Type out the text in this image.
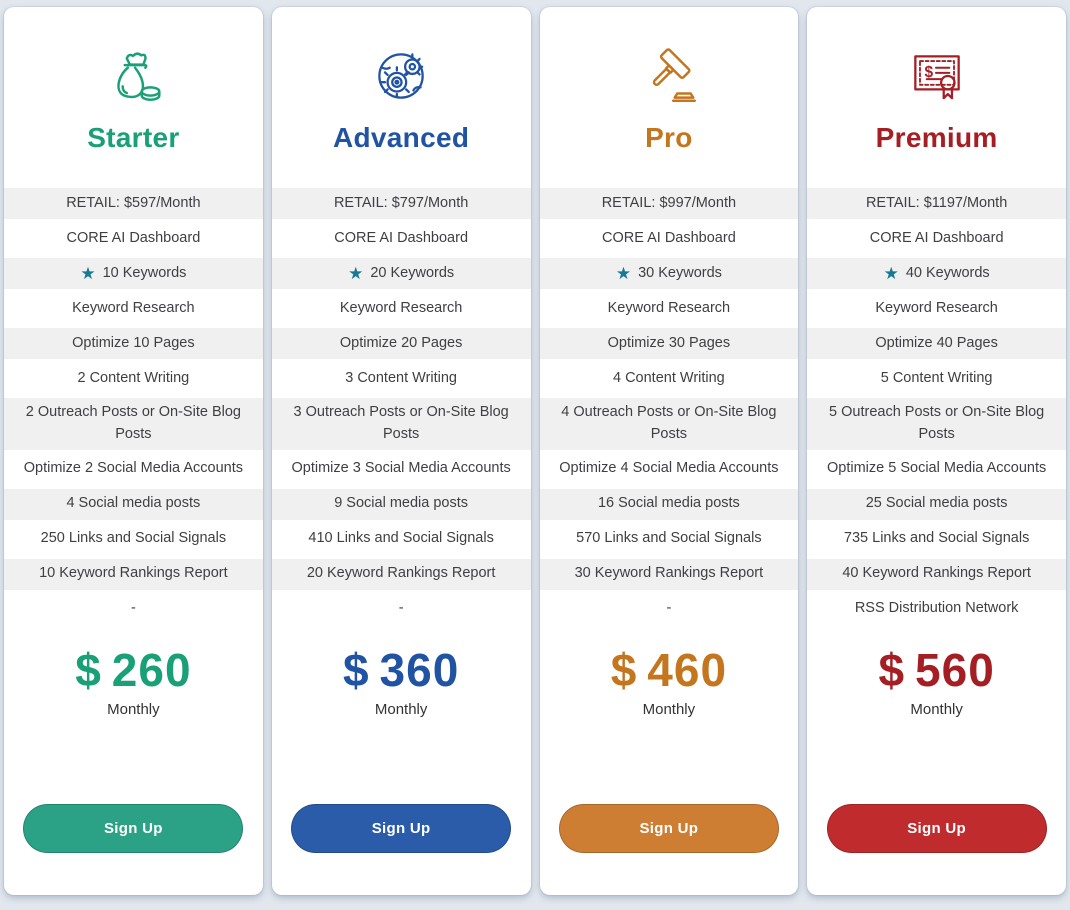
Starter
RETAIL: $597/Month
CORE AI Dashboard
★ 10 Keywords
Keyword Research
Optimize 10 Pages
2 Content Writing
2 Outreach Posts or On-Site Blog Posts
Optimize 2 Social Media Accounts
4 Social media posts
250 Links and Social Signals
10 Keyword Rankings Report
-
$ 260
Monthly
Sign Up
Advanced
RETAIL: $797/Month
CORE AI Dashboard
★ 20 Keywords
Keyword Research
Optimize 20 Pages
3 Content Writing
3 Outreach Posts or On-Site Blog Posts
Optimize 3 Social Media Accounts
9 Social media posts
410 Links and Social Signals
20 Keyword Rankings Report
-
$ 360
Monthly
Sign Up
Pro
RETAIL: $997/Month
CORE AI Dashboard
★ 30 Keywords
Keyword Research
Optimize 30 Pages
4 Content Writing
4 Outreach Posts or On-Site Blog Posts
Optimize 4 Social Media Accounts
16 Social media posts
570 Links and Social Signals
30 Keyword Rankings Report
-
$ 460
Monthly
Sign Up
$
Premium
RETAIL: $1197/Month
CORE AI Dashboard
★ 40 Keywords
Keyword Research
Optimize 40 Pages
5 Content Writing
5 Outreach Posts or On-Site Blog Posts
Optimize 5 Social Media Accounts
25 Social media posts
735 Links and Social Signals
40 Keyword Rankings Report
RSS Distribution Network
$ 560
Monthly
Sign Up
